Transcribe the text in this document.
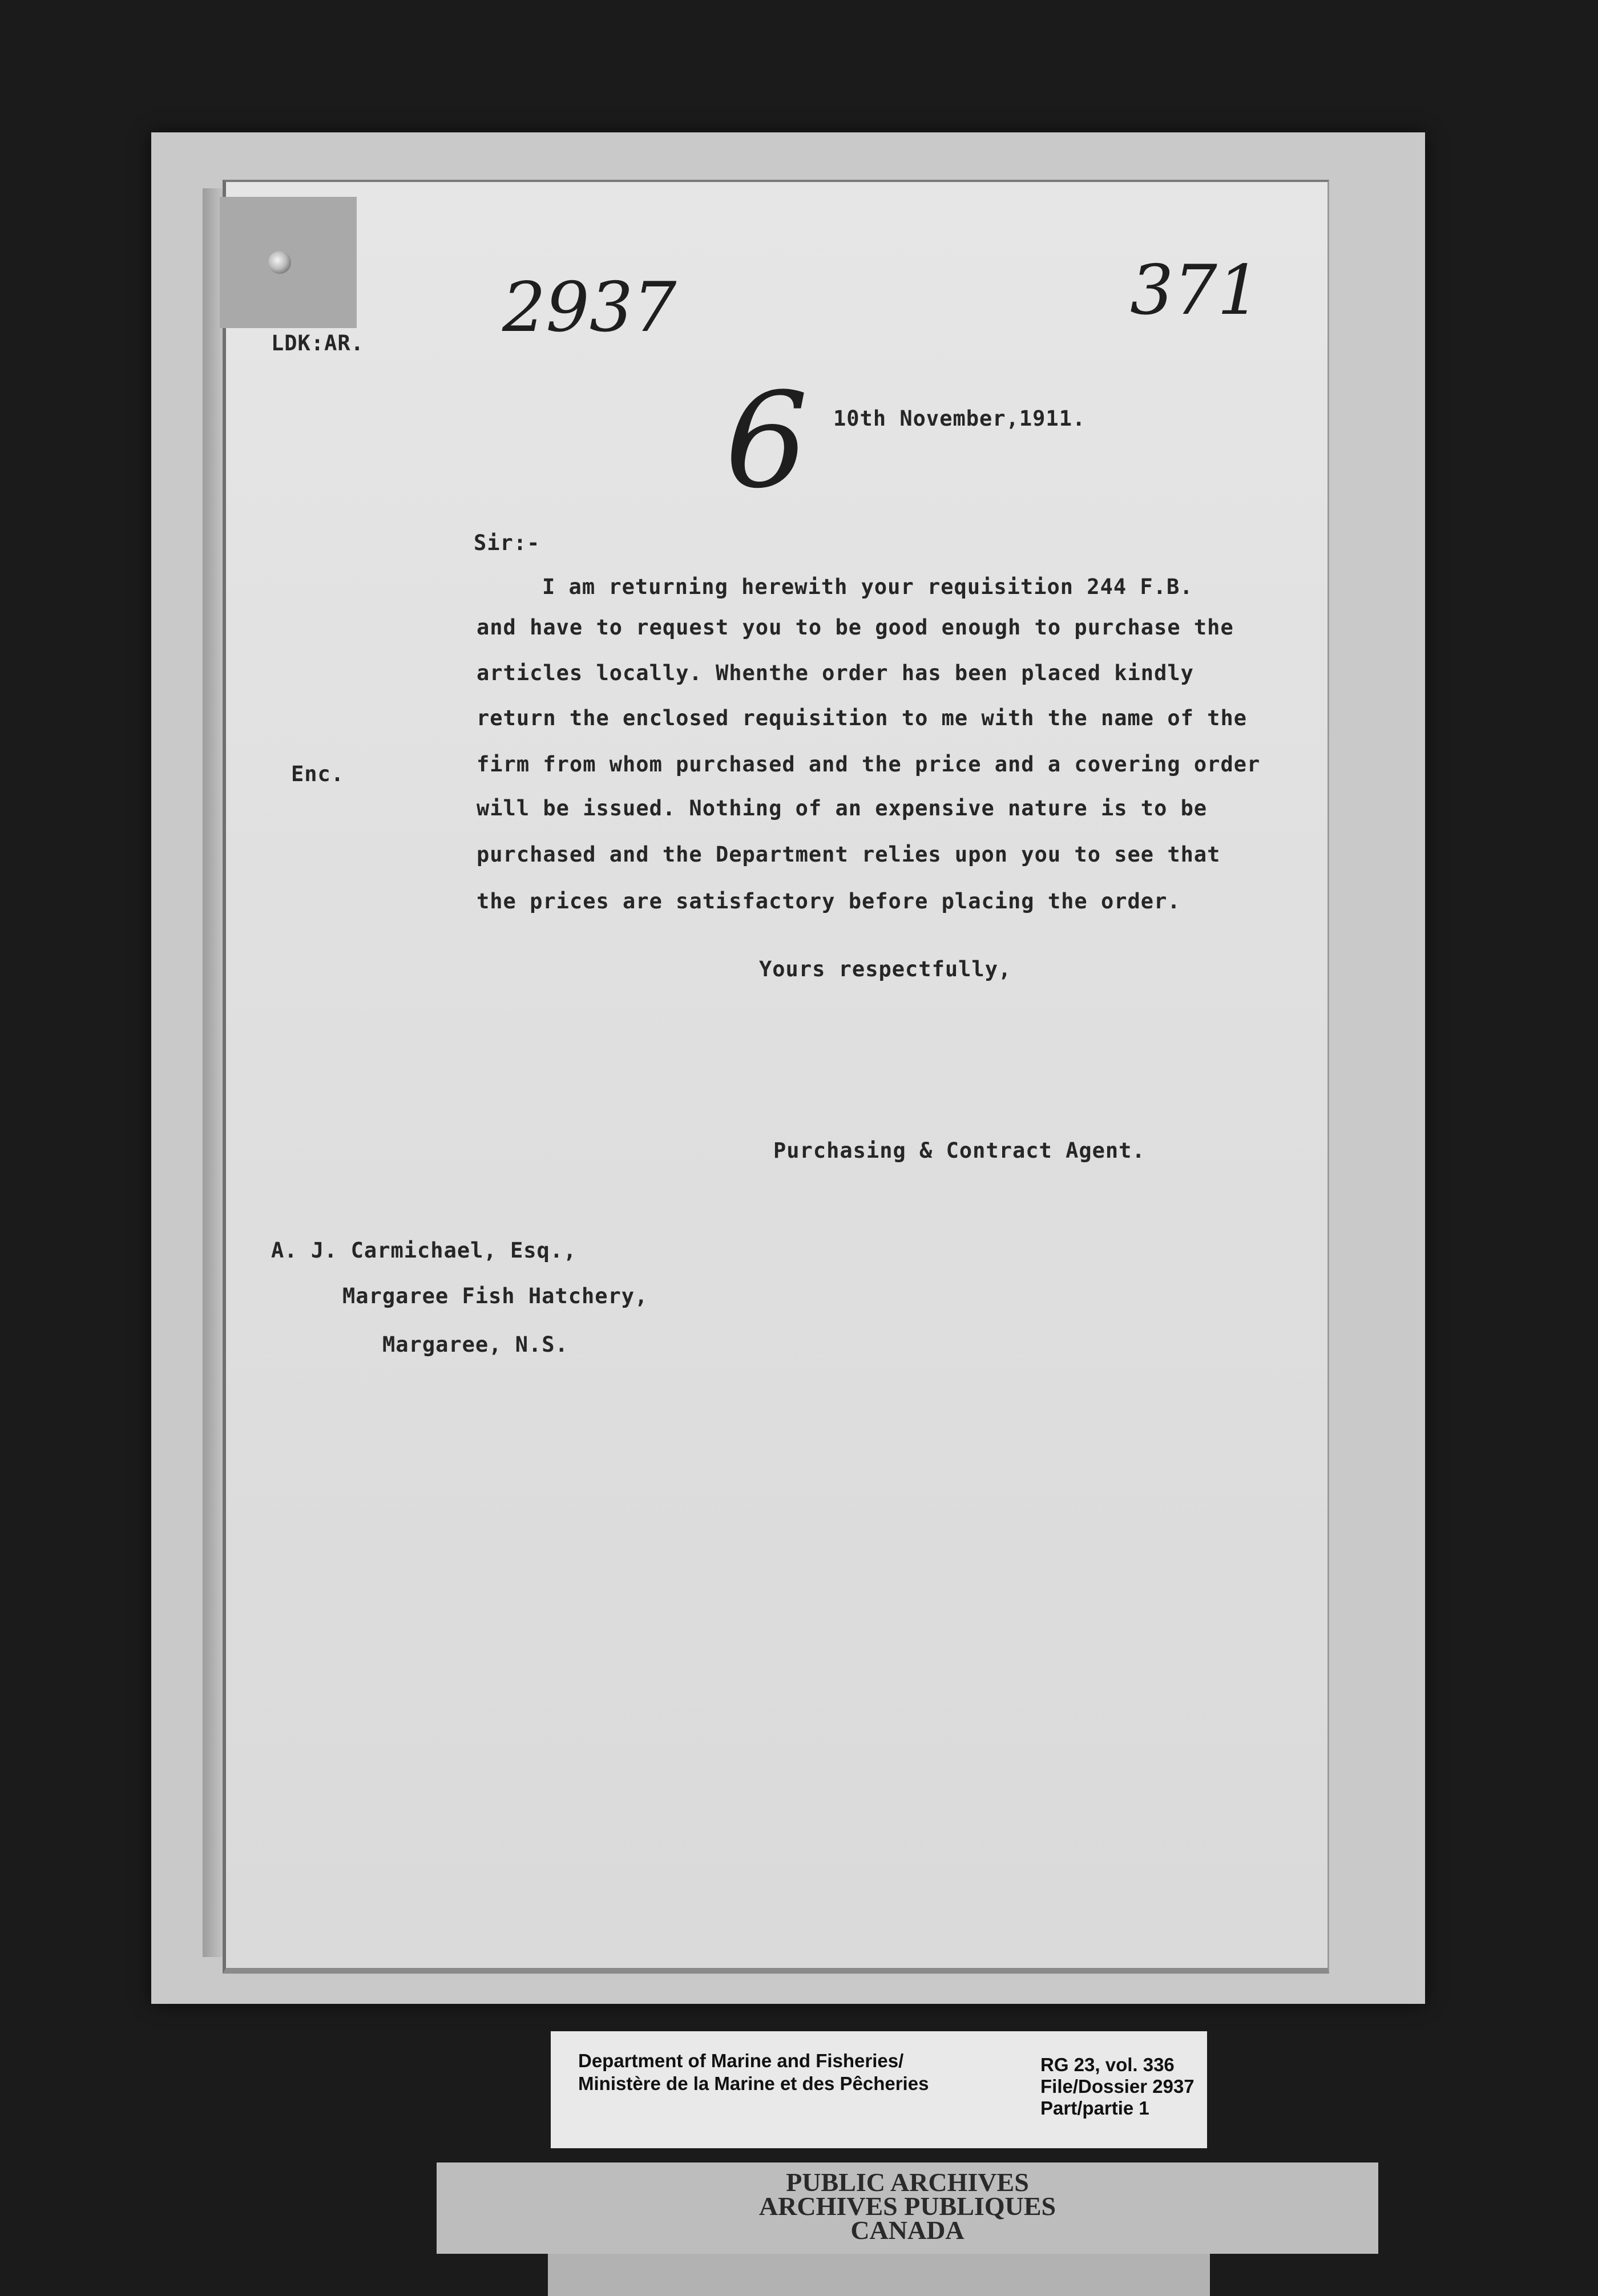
LDK:AR. 2937	371
6 10th November,1911.
Sir:-
I am returning herewith your requisition 244 F.B.
and have to request you to be good enough to purchase the
articles locally. Whenthe order has been placed kindly
return the enclosed requisition to me with the name of the
firm from whom purchased and the price and a covering order
will be issued. Nothing of an expensive nature is to be
purchased and the Department relies upon you to see that
the prices are satisfactory before placing the order.
Enc.
Yours respectfully,
Purchasing & Contract Agent.
A. J. Carmichael, Esq.,
Margaree Fish Hatchery,
Margaree, N.S.
Department of Marine and Fisheries/
Ministère de la Marine et des Pêcheries
RG 23, vol. 336
File/Dossier 2937
Part/partie 1
PUBLIC ARCHIVES
ARCHIVES PUBLIQUES
CANADA
